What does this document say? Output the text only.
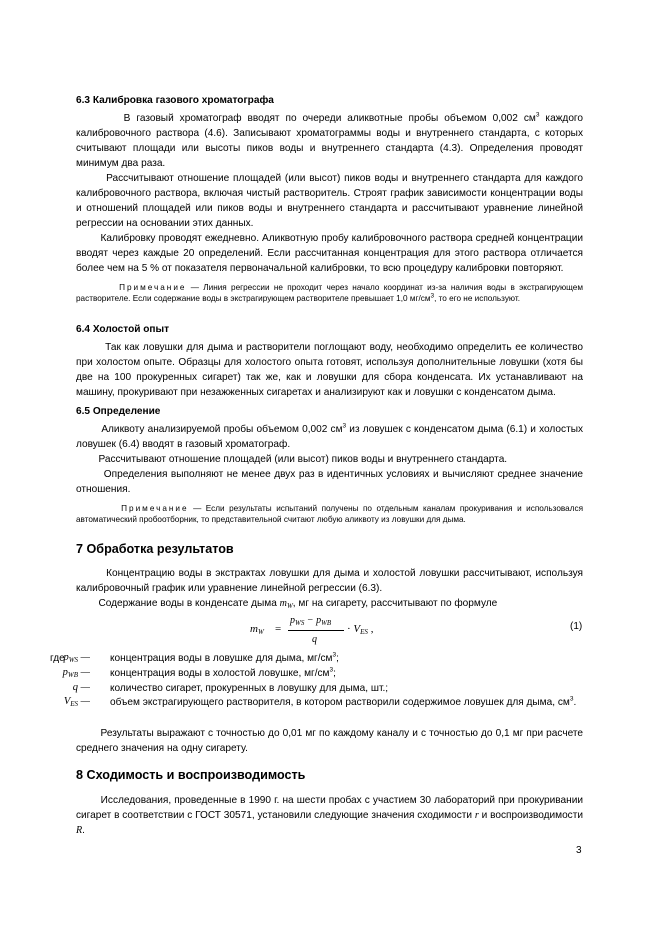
6.3 Калибровка газового хроматографа

В газовый хроматограф вводят по очереди аликвотные пробы объемом 0,002 $см^3$ каждого калибровочного раствора (4.6). Записывают хроматограммы воды и внутреннего стандарта, с которых считывают площади или высоты пиков воды и внутреннего стандарта (4.3). Определения проводят минимум два раза.

Рассчитывают отношение площадей (или высот) пиков воды и внутреннего стандарта для каждого калибровочного раствора, включая чистый растворитель. Строят график зависимости концентрации воды и отношений площадей или пиков воды и внутреннего стандарта и рассчитывают уравнение линейной регрессии на основании этих данных.

Калибровку проводят ежедневно. Аликвотную пробу калибровочного раствора средней концентрации вводят через каждые 20 определений. Если рассчитанная концентрация для этого раствора отличается более чем на 5 % от показателя первоначальной калибровки, то всю процедуру калибровки повторяют.

Примечание — Линия регрессии не проходит через начало координат из-за наличия воды в экстрагирующем растворителе. Если содержание воды в экстрагирующем растворителе превышает 1,0 $мг/см^3$, то его не используют.

6.4 Холостой опыт

Так как ловушки для дыма и растворители поглощают воду, необходимо определить ее количество при холостом опыте. Образцы для холостого опыта готовят, используя дополнительные ловушки (хотя бы две на 100 прокуренных сигарет) так же, как и ловушки для сбора конденсата. Их устанавливают на машину, прокуривают при незажженных сигаретах и анализируют как и ловушки с конденсатом дыма.

6.5 Определение

Аликвоту анализируемой пробы объемом 0,002 $см^3$ из ловушек с конденсатом дыма (6.1) и холостых ловушек (6.4) вводят в газовый хроматограф.

Рассчитывают отношение площадей (или высот) пиков воды и внутреннего стандарта.

Определения выполняют не менее двух раз в идентичных условиях и вычисляют среднее значение отношения.

Примечание — Если результаты испытаний получены по отдельным каналам прокуривания и использовался автоматический пробоотборник, то представительной считают любую аликвоту из ловушки для дыма.

7 Обработка результатов

Концентрацию воды в экстрактах ловушки для дыма и холостой ловушки рассчитывают, используя калибровочный график или уравнение линейной регрессии (6.3).

Содержание воды в конденсате дыма $m_W$, мг на сигарету, рассчитывают по формуле

$m_W$ =
$p_{WS} - p_{WB}$
q
· $V_{ES}$ ,	(1)
где
$p_{WS}$ — концентрация воды в ловушке для дыма, $мг/см^3$;
$p_{WB}$ — концентрация воды в холостой ловушке, $мг/см^3$;
q — количество сигарет, прокуренных в ловушку для дыма, шт.;
$V_{ES}$ — объем экстрагирующего растворителя, в котором растворили содержимое ловушек для дыма, $см^3$.

Результаты выражают с точностью до 0,01 мг по каждому каналу и с точностью до 0,1 мг при расчете среднего значения на одну сигарету.

8 Сходимость и воспроизводимость

Исследования, проведенные в 1990 г. на шести пробах с участием 30 лабораторий при прокуривании сигарет в соответствии с ГОСТ 30571, установили следующие значения сходимости r и воспроизводимости R.

3
